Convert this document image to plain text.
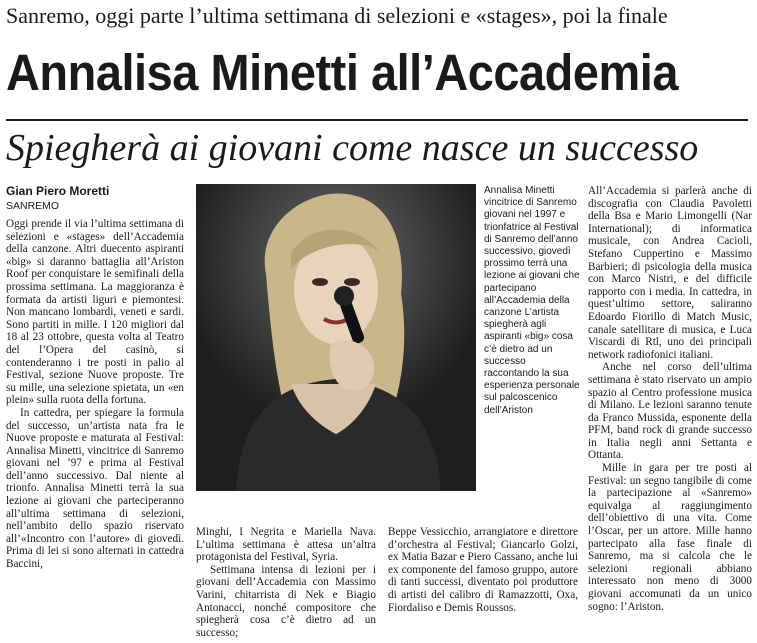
Sanremo, oggi parte l’ultima settimana di selezioni e «stages», poi la finale
Annalisa Minetti all’Accademia
Spiegherà ai giovani come nasce un successo
Gian Piero Moretti
SANREMO

Oggi prende il via l’ultima settimana di selezioni e «stages» dell’Accademia della canzone. Altri duecento aspiranti «big» si daranno battaglia all’Ariston Roof per conquistare le semifinali della prossima settimana. La maggioranza è formata da artisti liguri e piemontesi. Non mancano lombardi, veneti e sardi. Sono partiti in mille. I 120 migliori dal 18 al 23 ottobre, questa volta al Teatro del l’Opera del casinò, si contenderanno i tre posti in palio al Festival, sezione Nuove proposte. Tre su mille, una selezione spietata, un «en plein» sulla ruota della fortuna.

In cattedra, per spiegare la formula del successo, un’artista nata fra le Nuove proposte e maturata al Festival: Annalisa Minetti, vincitrice di Sanremo giovani nel ’97 e prima al Festival dell’anno successivo. Dal niente al trionfo. Annalisa Minetti terrà la sua lezione ai giovani che parteciperanno all’ultima settimana di selezioni, nell’ambito dello spazio riservato all’«Incontro con l’autore» di giovedì. Prima di lei si sono alternati in cattedra Baccini,

Annalisa Minetti vincitrice di Sanremo giovani nel 1997 e trionfatrice al Festival di Sanremo dell’anno successivo, giovedì prossimo terrà una lezione ai giovani che partecipano all’Accademia della canzone L’artista spiegherà agli aspiranti «big» cosa c’è dietro ad un successo raccontando la sua esperienza personale sul palcoscenico dell’Ariston

Minghi, I Negrita e Mariella Nava. L’ultima settimana è attesa un’altra protagonista del Festival, Syria.

Settimana intensa di lezioni per i giovani dell’Accademia con Massimo Varini, chitarrista di Nek e Biagio Antonacci, nonché compositore che spiegherà cosa c’è dietro ad un successo;

Beppe Vessicchio, arrangiatore e direttore d’orchestra al Festival; Giancarlo Golzi, ex Matia Bazar e Piero Cassano, anche lui ex componente del famoso gruppo, autore di tanti successi, diventato poi produttore di artisti del calibro di Ramazzotti, Oxa, Fiordaliso e Demis Roussos.

All’Accademia si parlerà anche di discografia con Claudia Pavoletti della Bsa e Mario Limongelli (Nar International); di informatica musicale, con Andrea Cacioli, Stefano Cuppertino e Massimo Barbieri; di psicologia della musica con Marco Nistri, e del difficile rapporto con i media. In cattedra, in quest’ultimo settore, saliranno Edoardo Fiorillo di Match Music, canale satellitare di musica, e Luca Viscardi di Rtl, uno dei principali network radiofonici italiani.

Anche nel corso dell’ultima settimana è stato riservato un ampio spazio al Centro professione musica di Milano. Le lezioni saranno tenute da Franco Mussida, esponente della PFM, band rock di grande successo in Italia negli anni Settanta e Ottanta.

Mille in gara per tre posti al Festival: un segno tangibile di come la partecipazione al «Sanremo» equivalga al raggiungimento dell’obiettivo di una vita. Come l’Oscar, per un attore. Mille hanno partecipato alla fase finale di Sanremo, ma si calcola che le selezioni regionali abbiano interessato non meno di 3000 giovani accomunati da un unico sogno: l’Ariston.
